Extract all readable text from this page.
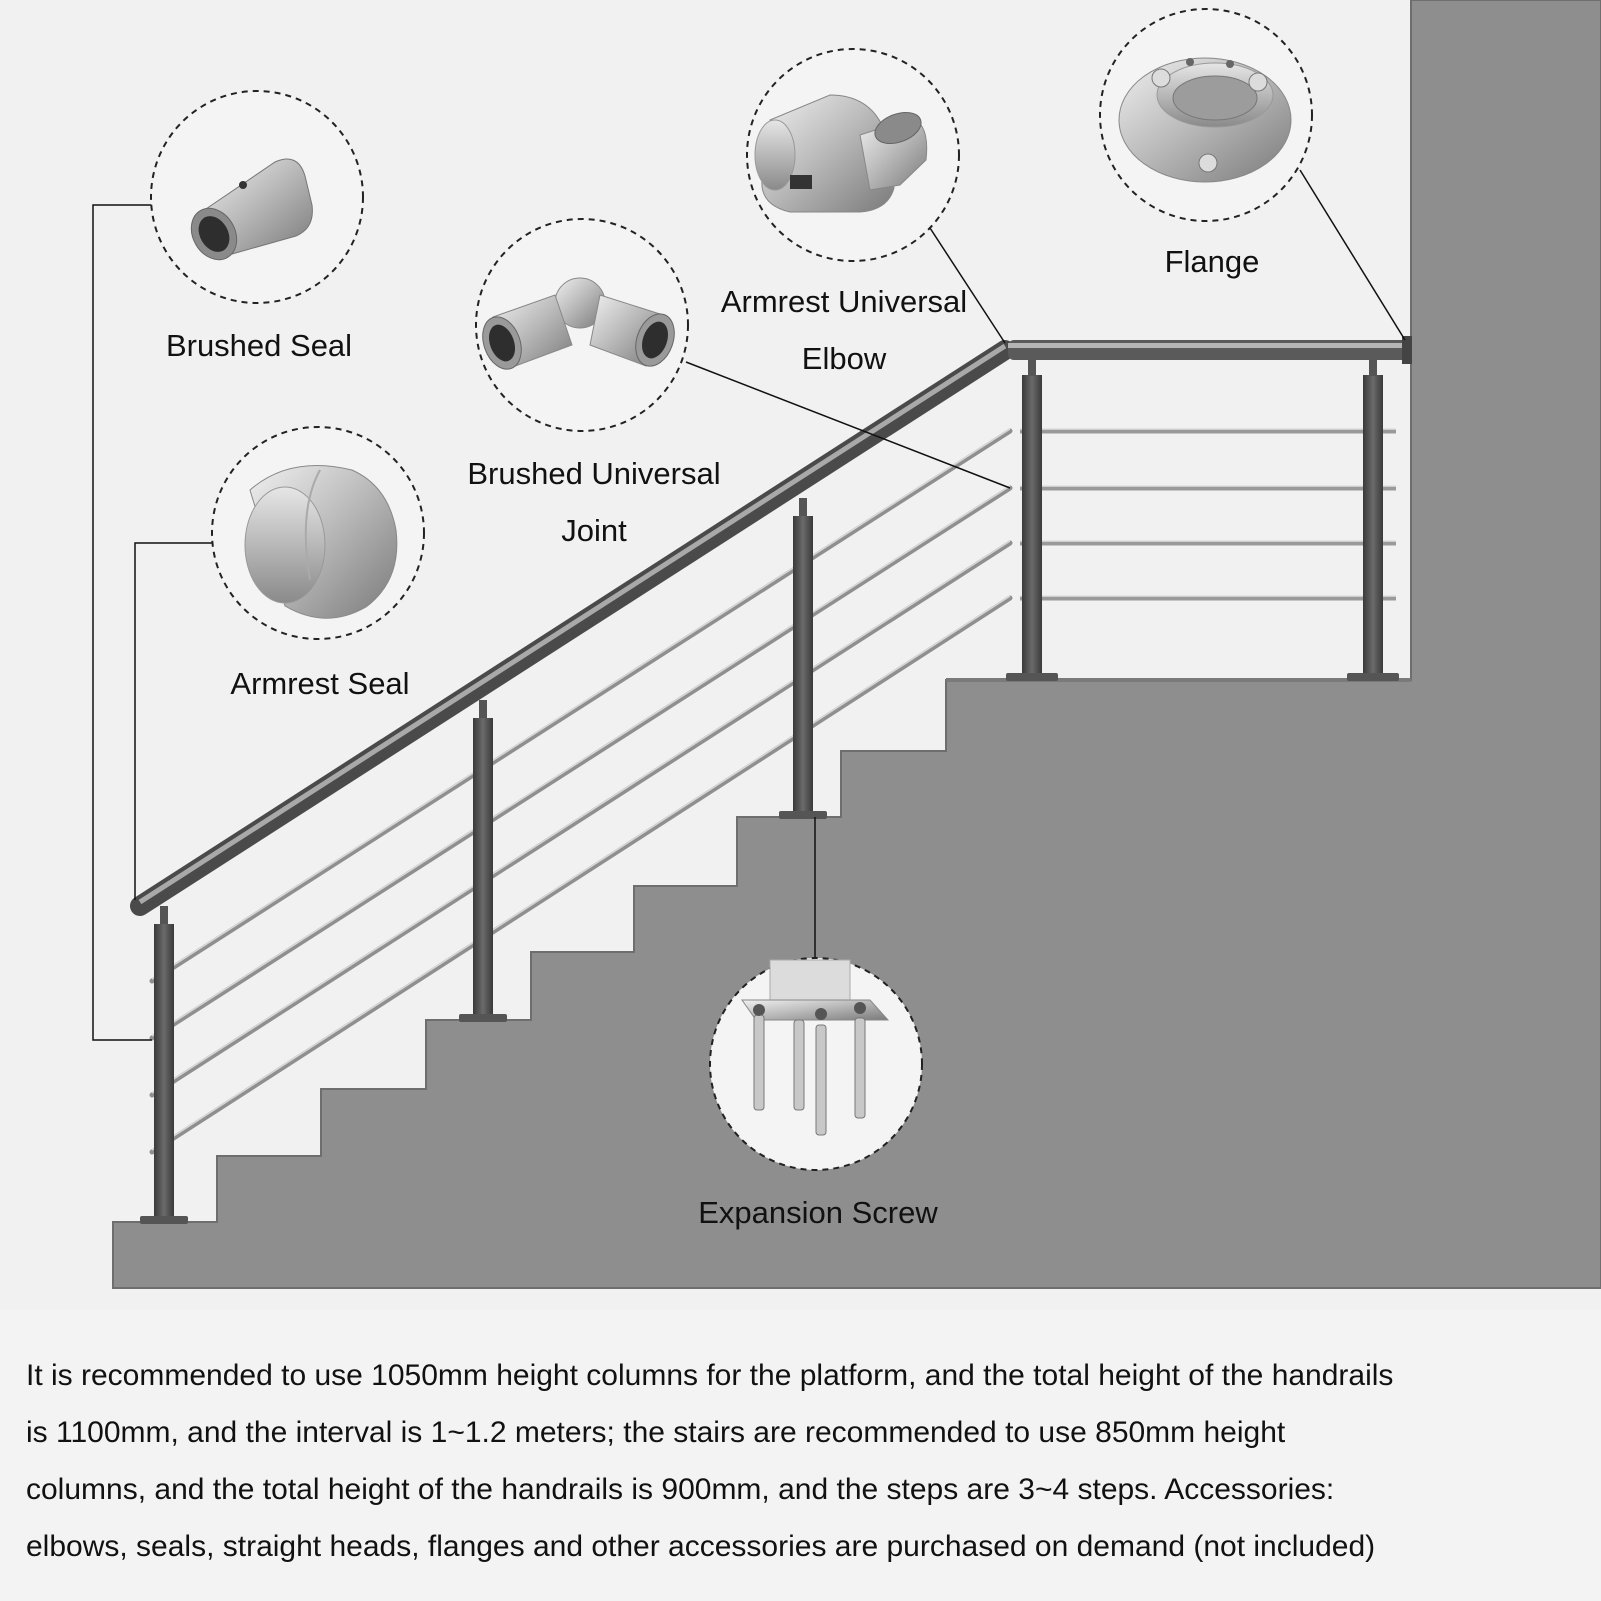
Brushed Seal
Armrest Seal
Brushed Universal
Joint
Armrest Universal
Elbow
Flange
Expansion Screw

It is recommended to use 1050mm height columns for the platform, and the total height of the handrails
is 1100mm, and the interval is 1~1.2 meters; the stairs are recommended to use 850mm height
columns, and the total height of the handrails is 900mm, and the steps are 3~4 steps. Accessories:
elbows, seals, straight heads, flanges and other accessories are purchased on demand (not included)
